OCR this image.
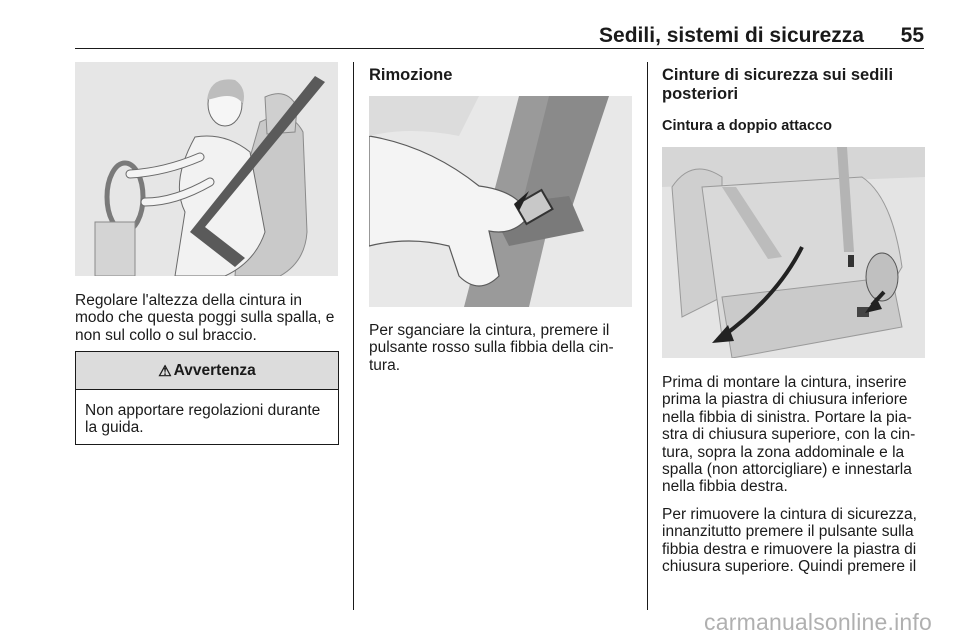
Sedili, sistemi di sicurezza 55

Regolare l'altezza della cintura in modo che questa poggi sulla spalla, e non sul collo o sul braccio.

⚠ Avvertenza

Non apportare regolazioni durante la guida.

Rimozione

Per sganciare la cintura, premere il pulsante rosso sulla fibbia della cin-tura.

Cinture di sicurezza sui sedili posteriori

Cintura a doppio attacco

Prima di montare la cintura, inserire prima la piastra di chiusura inferiore nella fibbia di sinistra. Portare la pia-stra di chiusura superiore, con la cin-tura, sopra la zona addominale e la spalla (non attorcigliare) e innestarla nella fibbia destra.

Per rimuovere la cintura di sicurezza, innanzitutto premere il pulsante sulla fibbia destra e rimuovere la piastra di chiusura superiore. Quindi premere il

carmanualsonline.info
